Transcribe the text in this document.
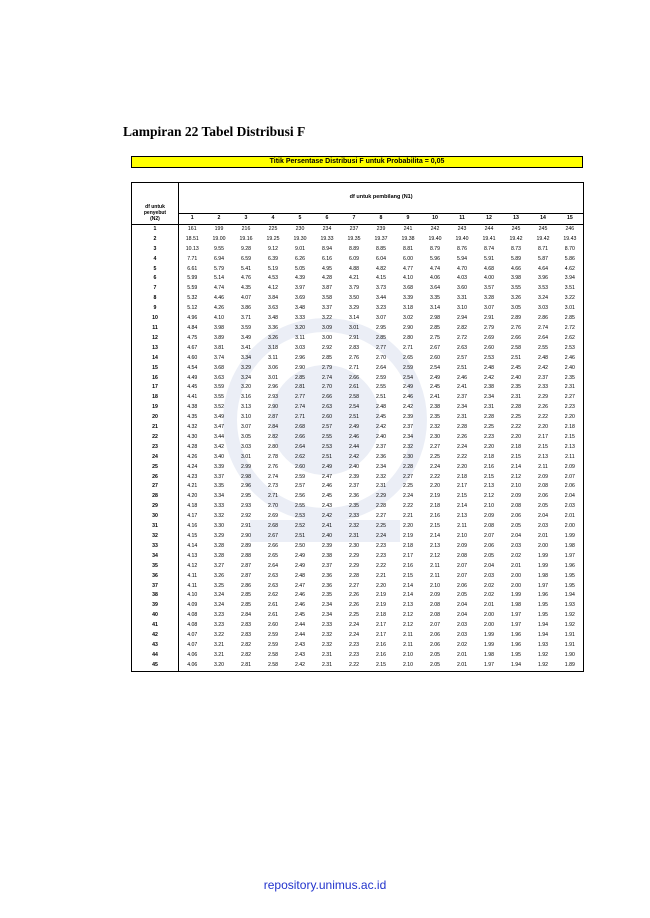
Lampiran 22 Tabel Distribusi F
Titik Persentase Distribusi F untuk Probabilita = 0,05
df untuk
penyebut
(N2)	df untuk pembilang (N1)														
	1	2	3	4	5	6	7	8	9	10	11	12	13	14	15
1	161	199	216	225	230	234	237	239	241	242	243	244	245	245	246
2	18.51	19.00	19.16	19.25	19.30	19.33	19.35	19.37	19.38	19.40	19.40	19.41	19.42	19.42	19.43
3	10.13	9.55	9.28	9.12	9.01	8.94	8.89	8.85	8.81	8.79	8.76	8.74	8.73	8.71	8.70
4	7.71	6.94	6.59	6.39	6.26	6.16	6.09	6.04	6.00	5.96	5.94	5.91	5.89	5.87	5.86
5	6.61	5.79	5.41	5.19	5.05	4.95	4.88	4.82	4.77	4.74	4.70	4.68	4.66	4.64	4.62
6	5.99	5.14	4.76	4.53	4.39	4.28	4.21	4.15	4.10	4.06	4.03	4.00	3.98	3.96	3.94
7	5.59	4.74	4.35	4.12	3.97	3.87	3.79	3.73	3.68	3.64	3.60	3.57	3.55	3.53	3.51
8	5.32	4.46	4.07	3.84	3.69	3.58	3.50	3.44	3.39	3.35	3.31	3.28	3.26	3.24	3.22
9	5.12	4.26	3.86	3.63	3.48	3.37	3.29	3.23	3.18	3.14	3.10	3.07	3.05	3.03	3.01
10	4.96	4.10	3.71	3.48	3.33	3.22	3.14	3.07	3.02	2.98	2.94	2.91	2.89	2.86	2.85
11	4.84	3.98	3.59	3.36	3.20	3.09	3.01	2.95	2.90	2.85	2.82	2.79	2.76	2.74	2.72
12	4.75	3.89	3.49	3.26	3.11	3.00	2.91	2.85	2.80	2.75	2.72	2.69	2.66	2.64	2.62
13	4.67	3.81	3.41	3.18	3.03	2.92	2.83	2.77	2.71	2.67	2.63	2.60	2.58	2.55	2.53
14	4.60	3.74	3.34	3.11	2.96	2.85	2.76	2.70	2.65	2.60	2.57	2.53	2.51	2.48	2.46
15	4.54	3.68	3.29	3.06	2.90	2.79	2.71	2.64	2.59	2.54	2.51	2.48	2.45	2.42	2.40
16	4.49	3.63	3.24	3.01	2.85	2.74	2.66	2.59	2.54	2.49	2.46	2.42	2.40	2.37	2.35
17	4.45	3.59	3.20	2.96	2.81	2.70	2.61	2.55	2.49	2.45	2.41	2.38	2.35	2.33	2.31
18	4.41	3.55	3.16	2.93	2.77	2.66	2.58	2.51	2.46	2.41	2.37	2.34	2.31	2.29	2.27
19	4.38	3.52	3.13	2.90	2.74	2.63	2.54	2.48	2.42	2.38	2.34	2.31	2.28	2.26	2.23
20	4.35	3.49	3.10	2.87	2.71	2.60	2.51	2.45	2.39	2.35	2.31	2.28	2.25	2.22	2.20
21	4.32	3.47	3.07	2.84	2.68	2.57	2.49	2.42	2.37	2.32	2.28	2.25	2.22	2.20	2.18
22	4.30	3.44	3.05	2.82	2.66	2.55	2.46	2.40	2.34	2.30	2.26	2.23	2.20	2.17	2.15
23	4.28	3.42	3.03	2.80	2.64	2.53	2.44	2.37	2.32	2.27	2.24	2.20	2.18	2.15	2.13
24	4.26	3.40	3.01	2.78	2.62	2.51	2.42	2.36	2.30	2.25	2.22	2.18	2.15	2.13	2.11
25	4.24	3.39	2.99	2.76	2.60	2.49	2.40	2.34	2.28	2.24	2.20	2.16	2.14	2.11	2.09
26	4.23	3.37	2.98	2.74	2.59	2.47	2.39	2.32	2.27	2.22	2.18	2.15	2.12	2.09	2.07
27	4.21	3.35	2.96	2.73	2.57	2.46	2.37	2.31	2.25	2.20	2.17	2.13	2.10	2.08	2.06
28	4.20	3.34	2.95	2.71	2.56	2.45	2.36	2.29	2.24	2.19	2.15	2.12	2.09	2.06	2.04
29	4.18	3.33	2.93	2.70	2.55	2.43	2.35	2.28	2.22	2.18	2.14	2.10	2.08	2.05	2.03
30	4.17	3.32	2.92	2.69	2.53	2.42	2.33	2.27	2.21	2.16	2.13	2.09	2.06	2.04	2.01
31	4.16	3.30	2.91	2.68	2.52	2.41	2.32	2.25	2.20	2.15	2.11	2.08	2.05	2.03	2.00
32	4.15	3.29	2.90	2.67	2.51	2.40	2.31	2.24	2.19	2.14	2.10	2.07	2.04	2.01	1.99
33	4.14	3.28	2.89	2.66	2.50	2.39	2.30	2.23	2.18	2.13	2.09	2.06	2.03	2.00	1.98
34	4.13	3.28	2.88	2.65	2.49	2.38	2.29	2.23	2.17	2.12	2.08	2.05	2.02	1.99	1.97
35	4.12	3.27	2.87	2.64	2.49	2.37	2.29	2.22	2.16	2.11	2.07	2.04	2.01	1.99	1.96
36	4.11	3.26	2.87	2.63	2.48	2.36	2.28	2.21	2.15	2.11	2.07	2.03	2.00	1.98	1.95
37	4.11	3.25	2.86	2.63	2.47	2.36	2.27	2.20	2.14	2.10	2.06	2.02	2.00	1.97	1.95
38	4.10	3.24	2.85	2.62	2.46	2.35	2.26	2.19	2.14	2.09	2.05	2.02	1.99	1.96	1.94
39	4.09	3.24	2.85	2.61	2.46	2.34	2.26	2.19	2.13	2.08	2.04	2.01	1.98	1.95	1.93
40	4.08	3.23	2.84	2.61	2.45	2.34	2.25	2.18	2.12	2.08	2.04	2.00	1.97	1.95	1.92
41	4.08	3.23	2.83	2.60	2.44	2.33	2.24	2.17	2.12	2.07	2.03	2.00	1.97	1.94	1.92
42	4.07	3.22	2.83	2.59	2.44	2.32	2.24	2.17	2.11	2.06	2.03	1.99	1.96	1.94	1.91
43	4.07	3.21	2.82	2.59	2.43	2.32	2.23	2.16	2.11	2.06	2.02	1.99	1.96	1.93	1.91
44	4.06	3.21	2.82	2.58	2.43	2.31	2.23	2.16	2.10	2.05	2.01	1.98	1.95	1.92	1.90
45	4.06	3.20	2.81	2.58	2.42	2.31	2.22	2.15	2.10	2.05	2.01	1.97	1.94	1.92	1.89
repository.unimus.ac.id
